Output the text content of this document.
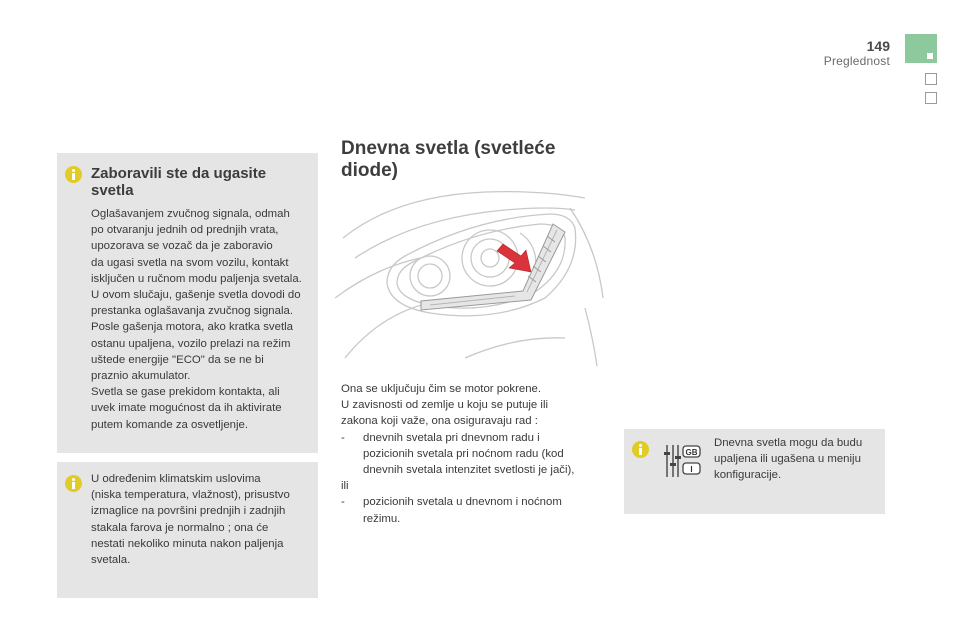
149
Preglednost
Zaboravili ste da ugasite
svetla
Oglašavanjem zvučnog signala, odmah
po otvaranju jednih od prednjih vrata,
upozorava se vozač da je zaboravio
da ugasi svetla na svom vozilu, kontakt
isključen u ručnom modu paljenja svetala.
U ovom slučaju, gašenje svetla dovodi do
prestanka oglašavanja zvučnog signala.
Posle gašenja motora, ako kratka svetla
ostanu upaljena, vozilo prelazi na režim
uštede energije "ECO" da se ne bi
praznio akumulator.
Svetla se gase prekidom kontakta, ali
uvek imate mogućnost da ih aktivirate
putem komande za osvetljenje.
U određenim klimatskim uslovima
(niska temperatura, vlažnost), prisustvo
izmaglice na površini prednjih i zadnjih
stakala farova je normalno ; ona će
nestati nekoliko minuta nakon paljenja
svetala.
Dnevna svetla (svetleće
diode)
Ona se uključuju čim se motor pokrene.
U zavisnosti od zemlje u koju se putuje ili
zakona koji važe, ona osiguravaju rad :
- dnevnih svetala pri dnevnom radu i
pozicionih svetala pri noćnom radu (kod
dnevnih svetala intenzitet svetlosti je jači),
ili
- pozicionih svetala u dnevnom i noćnom
režimu.
GB
I
Dnevna svetla mogu da budu
upaljena ili ugašena u meniju
konfiguracije.
